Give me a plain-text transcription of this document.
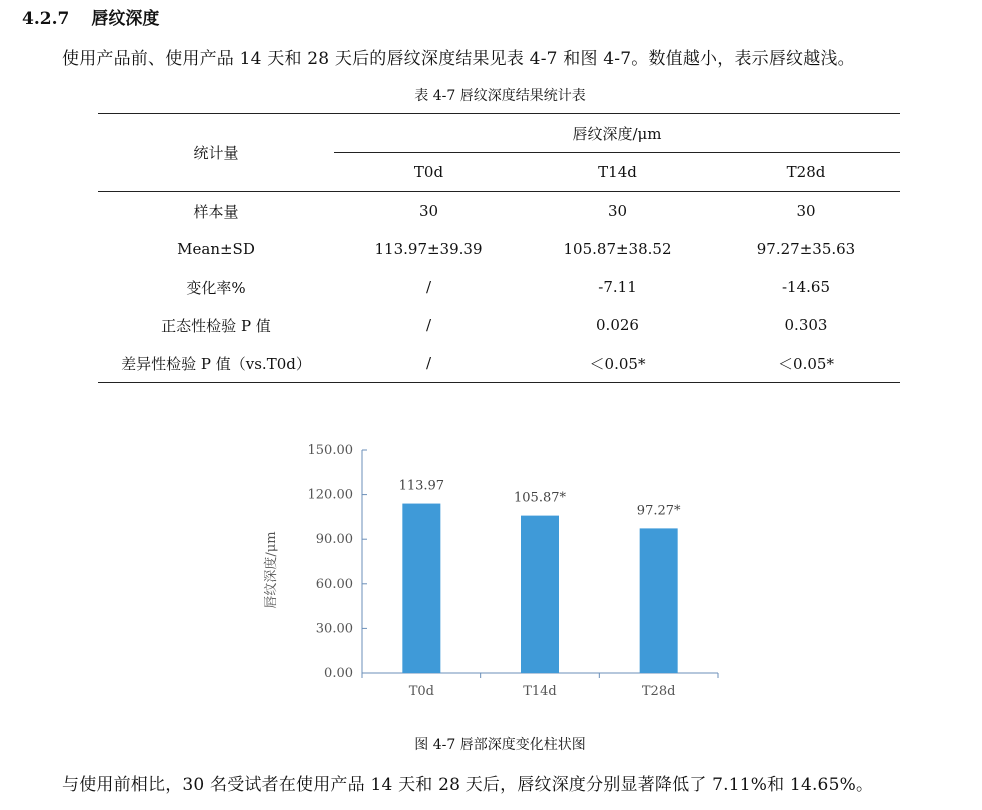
4.2.7 唇纹深度
使用产品前、使用产品 14 天和 28 天后的唇纹深度结果见表 4-7 和图 4-7。数值越小，表示唇纹越浅。
表 4-7 唇纹深度结果统计表
统计量	唇纹深度/μm		
	T0d	T14d	T28d
样本量	30	30	30
Mean±SD	113.97±39.39	105.87±38.52	97.27±35.63
变化率%	/	-7.11	-14.65
正态性检验 P 值	/	0.026	0.303
差异性检验 P 值（vs.T0d）	/	＜0.05*	＜0.05*
0.00
30.00
60.00
90.00
120.00
150.00
T0d	T14d	T28d
113.97
105.87*
97.27*
唇纹深度/μm
图 4-7 唇部深度变化柱状图
与使用前相比，30 名受试者在使用产品 14 天和 28 天后，唇纹深度分别显著降低了 7.11%和 14.65%。
